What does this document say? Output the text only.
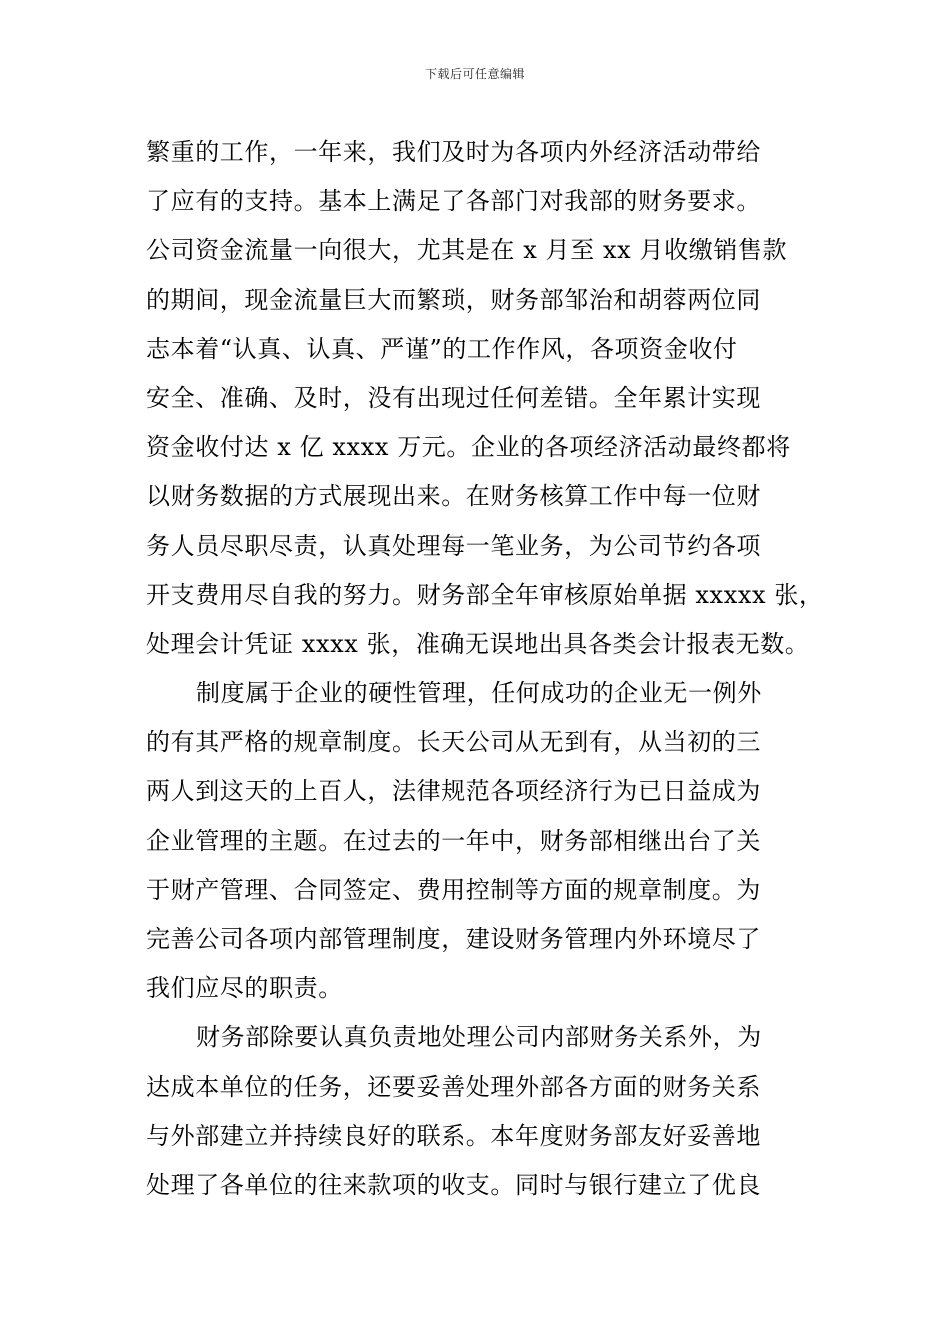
下载后可任意编辑
繁重的工作，一年来，我们及时为各项内外经济活动带给
了应有的支持。基本上满足了各部门对我部的财务要求。
公司资金流量一向很大，尤其是在 x 月至 xx 月收缴销售款
的期间，现金流量巨大而繁琐，财务部邹治和胡蓉两位同
志本着“认真、认真、严谨”的工作作风，各项资金收付
安全、准确、及时，没有出现过任何差错。全年累计实现
资金收付达 x 亿 xxxx 万元。企业的各项经济活动最终都将
以财务数据的方式展现出来。在财务核算工作中每一位财
务人员尽职尽责，认真处理每一笔业务，为公司节约各项
开支费用尽自我的努力。财务部全年审核原始单据 xxxxx 张，
处理会计凭证 xxxx 张，准确无误地出具各类会计报表无数。
制度属于企业的硬性管理，任何成功的企业无一例外
的有其严格的规章制度。长天公司从无到有，从当初的三
两人到这天的上百人，法律规范各项经济行为已日益成为
企业管理的主题。在过去的一年中，财务部相继出台了关
于财产管理、合同签定、费用控制等方面的规章制度。为
完善公司各项内部管理制度，建设财务管理内外环境尽了
我们应尽的职责。
财务部除要认真负责地处理公司内部财务关系外，为
达成本单位的任务，还要妥善处理外部各方面的财务关系
与外部建立并持续良好的联系。本年度财务部友好妥善地
处理了各单位的往来款项的收支。同时与银行建立了优良
